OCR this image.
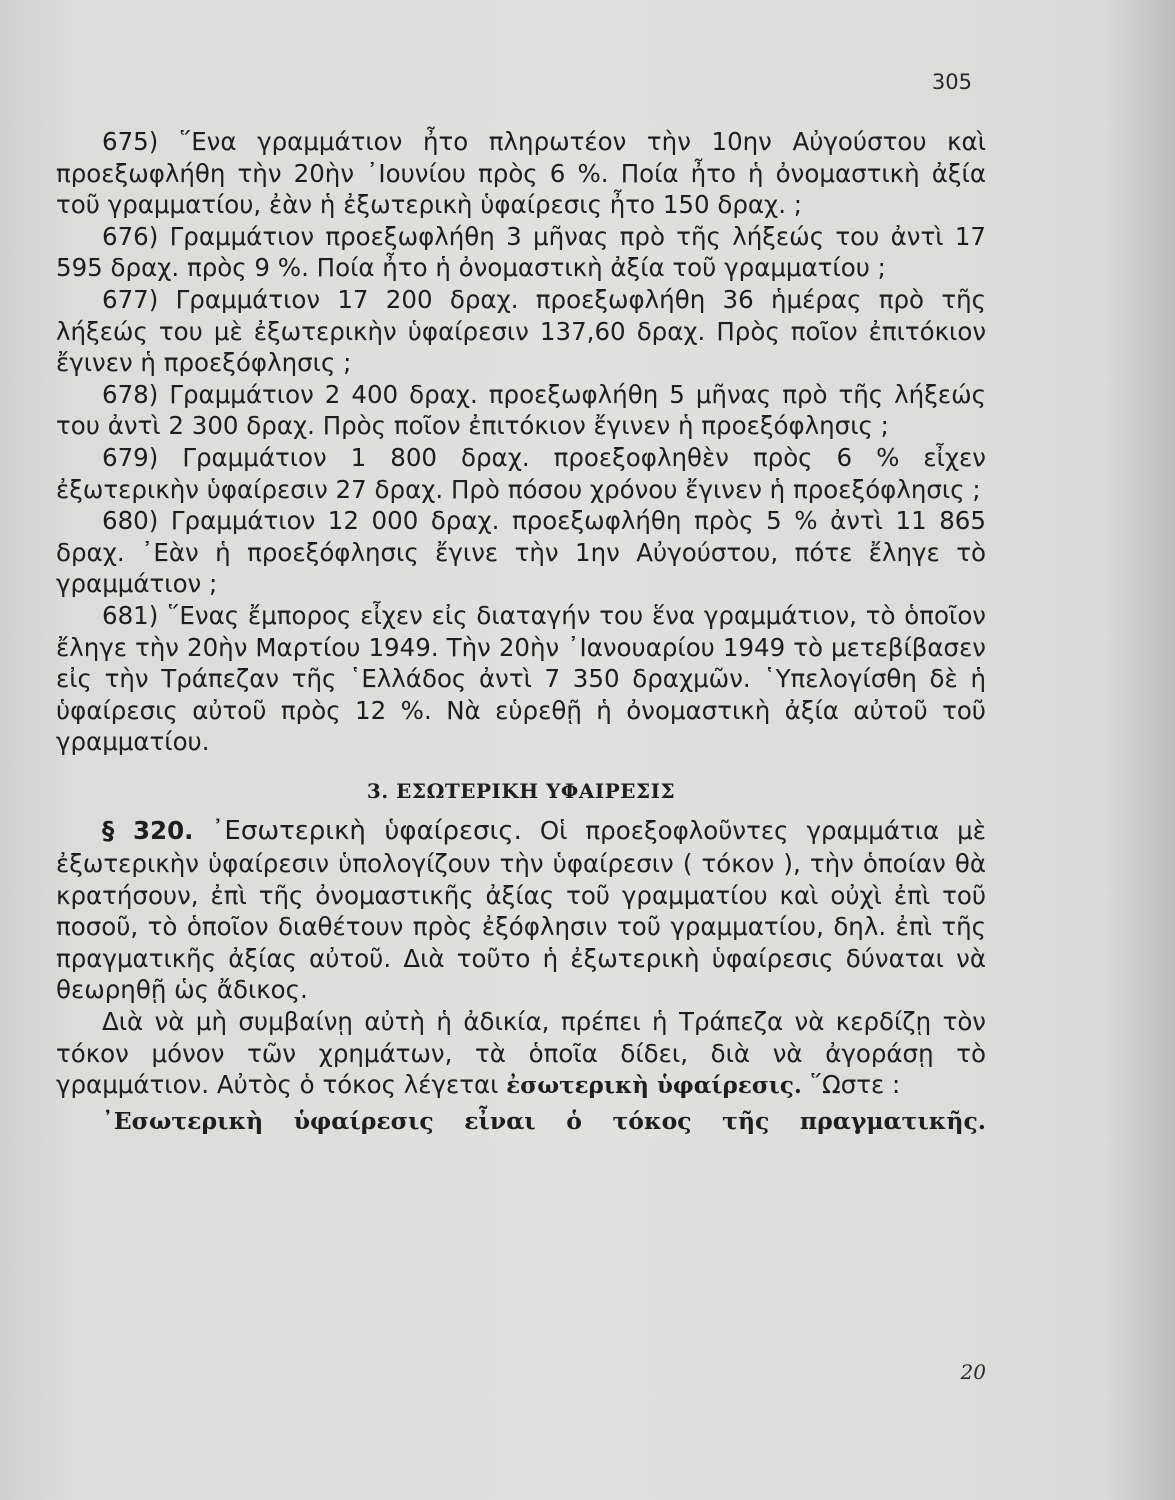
305

675) ῞Ενα γραμμάτιον ἦτο πληρωτέον τὴν 10ην Αὐγούστου καὶ προεξωφλήθη τὴν 20ὴν ᾽Ιουνίου πρὸς 6 %. Ποία ἦτο ἡ ὀνομαστικὴ ἀξία τοῦ γραμματίου, ἐὰν ἡ ἐξωτερικὴ ὑφαίρεσις ἦτο 150 δραχ. ;

676) Γραμμάτιον προεξωφλήθη 3 μῆνας πρὸ τῆς λήξεώς του ἀντὶ 17 595 δραχ. πρὸς 9 %. Ποία ἦτο ἡ ὀνομαστικὴ ἀξία τοῦ γραμματίου ;

677) Γραμμάτιον 17 200 δραχ. προεξωφλήθη 36 ἡμέρας πρὸ τῆς λήξεώς του μὲ ἐξωτερικὴν ὑφαίρεσιν 137,60 δραχ. Πρὸς ποῖον ἐπιτόκιον ἔγινεν ἡ προεξόφλησις ;

678) Γραμμάτιον 2 400 δραχ. προεξωφλήθη 5 μῆνας πρὸ τῆς λήξεώς του ἀντὶ 2 300 δραχ. Πρὸς ποῖον ἐπιτόκιον ἔγινεν ἡ προεξόφλησις ;

679) Γραμμάτιον 1 800 δραχ. προεξοφληθὲν πρὸς 6 % εἶχεν ἐξωτερικὴν ὑφαίρεσιν 27 δραχ. Πρὸ πόσου χρόνου ἔγινεν ἡ προεξόφλησις ;

680) Γραμμάτιον 12 000 δραχ. προεξωφλήθη πρὸς 5 % ἀντὶ 11 865 δραχ. ᾽Εὰν ἡ προεξόφλησις ἔγινε τὴν 1ην Αὐγούστου, πότε ἔληγε τὸ γραμμάτιον ;

681) ῞Ενας ἔμπορος εἶχεν εἰς διαταγήν του ἕνα γραμμάτιον, τὸ ὁποῖον ἔληγε τὴν 20ὴν Μαρτίου 1949. Τὴν 20ὴν ᾽Ιανουαρίου 1949 τὸ μετεβίβασεν εἰς τὴν Τράπεζαν τῆς ῾Ελλάδος ἀντὶ 7 350 δραχμῶν. ῾Υπελογίσθη δὲ ἡ ὑφαίρεσις αὐτοῦ πρὸς 12 %. Νὰ εὑρεθῇ ἡ ὀνομαστικὴ ἀξία αὐτοῦ τοῦ γραμματίου.

3. ΕΣΩΤΕΡΙΚΗ ΥΦΑΙΡΕΣΙΣ

§ 320. ᾽Εσωτερικὴ ὑφαίρεσις. Οἱ προεξοφλοῦντες γραμμάτια μὲ ἐξωτερικὴν ὑφαίρεσιν ὑπολογίζουν τὴν ὑφαίρεσιν ( τόκον ), τὴν ὁποίαν θὰ κρατήσουν, ἐπὶ τῆς ὀνομαστικῆς ἀξίας τοῦ γραμματίου καὶ οὐχὶ ἐπὶ τοῦ ποσοῦ, τὸ ὁποῖον διαθέτουν πρὸς ἐξόφλησιν τοῦ γραμματίου, δηλ. ἐπὶ τῆς πραγματικῆς ἀξίας αὐτοῦ. Διὰ τοῦτο ἡ ἐξωτερικὴ ὑφαίρεσις δύναται νὰ θεωρηθῇ ὡς ἄδικος.

Διὰ νὰ μὴ συμβαίνῃ αὐτὴ ἡ ἀδικία, πρέπει ἡ Τράπεζα νὰ κερδίζῃ τὸν τόκον μόνον τῶν χρημάτων, τὰ ὁποῖα δίδει, διὰ νὰ ἀγοράσῃ τὸ γραμμάτιον. Αὐτὸς ὁ τόκος λέγεται ἐσωτερικὴ ὑφαίρεσις. ῞Ωστε :

᾽Εσωτερικὴ ὑφαίρεσις εἶναι ὁ τόκος τῆς πραγματικῆς.
20
